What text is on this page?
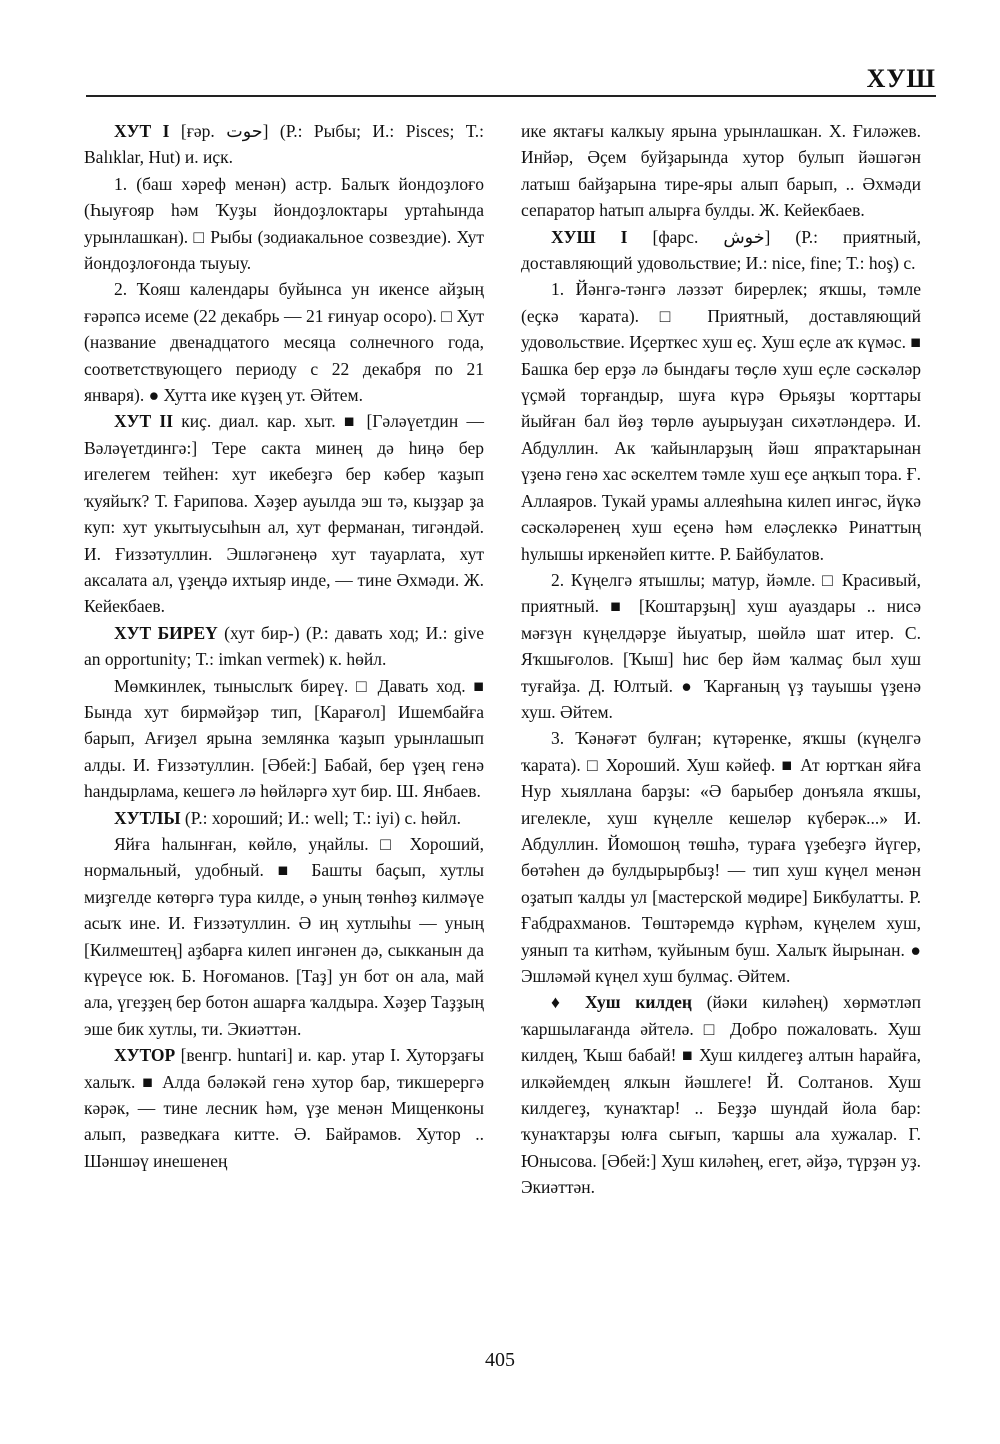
ХУШ

ХУТ I [ғәр. حوت] (Р.: Рыбы; И.: Pisces; Т.: Balıklar, Hut) и. иҫк.

1. (баш хәреф менән) астр. Балыҡ йондоҙлоғо (Һыуғояр һәм Ҡуҙы йондоҙлоктары уртаһында урынлашкан). □ Рыбы (зодиакальное созвездие). Хут йондоҙлоғонда тыуыу.

2. Ҡояш календары буйынса ун икенсе айҙың ғәрәпсә исеме (22 декабрь — 21 ғинуар осоро). □ Хут (название двенадцатого месяца солнечного года, соответствующего периоду с 22 декабря по 21 января). ● Хутта ике күҙең ут. Әйтем.

ХУТ II киҫ. диал. кар. хыт. ■ [Гәләүетдин — Вәләүетдингә:] Тере сакта минең дә һиңә бер игелегем тейһен: хут икебеҙгә бер кәбер ҡаҙып ҡуяйыҡ? Т. Ғарипова. Хәҙер ауылда эш тә, кыҙҙар ҙа куп: хут укытыусыһын ал, хут ферманан, тигәндәй. И. Ғиззәтуллин. Эшләгәнеңә хут тауарлата, хут аксалата ал, үҙеңдә ихтыяр инде, — тине Әхмәди. Ж. Кейекбаев.

ХУТ БИРЕҮ (хут бир-) (Р.: давать ход; И.: give an opportunity; Т.: imkan vermek) к. һөйл.

Мөмкинлек, тыныслыҡ биреү. □ Давать ход. ■ Бында хут бирмәйҙәр тип, [Карағол] Ишембайға барып, Ағиҙел ярына землянка ҡаҙып урынлашып алды. И. Ғиззәтуллин. [Әбей:] Бабай, бер үҙең генә һандырлама, кешегә лә һөйләргә хут бир. Ш. Янбаев.

ХУТЛЫ (Р.: хороший; И.: well; Т.: iyi) с. һөйл.

Яйға һалынған, көйлө, уңайлы. □ Хороший, нормальный, удобный. ■ Башты баҫып, хутлы миҙгелде көтөргә тура килде, ә уның төнһөҙ килмәүе асыҡ ине. И. Ғиззәтуллин. Ә иң хутлыһы — уның [Килмештең] аҙбарға килеп ингәнен дә, сыкканын да күреүсе юк. Б. Ноғоманов. [Таҙ] ун бот он ала, май ала, үгеҙҙең бер ботон ашарға ҡалдыра. Хәҙер Таҙҙың эше бик хутлы, ти. Экиәттән.

ХУТОР [венгр. huntari] и. кар. утар I. Хуторҙағы халыҡ. ■ Алда бәләкәй генә хутор бар, тикшерергә кәрәк, — тине лесник һәм, үҙе менән Мищенконы алып, разведкаға китте. Ә. Байрамов. Хутор .. Шәншәү инешенең

ике яктағы калкыу ярына урынлашкан. Х. Ғиләжев. Инйәр, Әҫем буйҙарында хутор булып йәшәгән латыш байҙарына тире-яры алып барып, .. Әхмәди сепаратор һатып алырға булды. Ж. Кейекбаев.

ХУШ I [фарс. خوش] (Р.: приятный, доставляющий удовольствие; И.: nice, fine; Т.: hoş) с.

1. Йәнгә-тәнгә ләззәт бирерлек; яҡшы, тәмле (еҫкә ҡарата). □ Приятный, доставляющий удовольствие. Иҫерткес хуш еҫ. Хуш еҫле аҡ күмәс. ■ Башка бер ерҙә лә бындағы төҫлө хуш еҫле сәскәләр үҫмәй торғандыр, шуға күрә Өрьяҙы ҡорттары йыйған бал йөҙ төрлө ауырыуҙан сихәтләндерә. И. Абдуллин. Ак ҡайынларҙың йәш япраҡтарынан үҙенә генә хас әскелтем тәмле хуш еҫе аңҡып тора. Ғ. Аллаяров. Тукай урамы аллеяһына килеп ингәс, йүкә сәскәләренең хуш еҫенә һәм еләҫлеккә Ринаттың һулышы иркенәйеп китте. Р. Байбулатов.

2. Күңелгә ятышлы; матур, йәмле. □ Красивый, приятный. ■ [Коштарҙың] хуш ауаздары .. нисә мәғзүн күңелдәрҙе йыуатыр, шөйлә шат итер. С. Яҡшығолов. [Ҡыш] һис бер йәм ҡалмаҫ был хуш туғайҙа. Д. Юлтый. ● Ҡарғаның үҙ тауышы үҙенә хуш. Әйтем.

3. Ҡәнәғәт булған; күтәренке, яҡшы (күңелгә ҡарата). □ Хороший. Хуш кәйеф. ■ Ат юртҡан яйға Нур хыяллана барҙы: «Ә барыбер донъяла яҡшы, игелекле, хуш күңелле кешеләр күберәк...» И. Абдуллин. Йомошоң төшһә, тураға үҙебеҙгә йүгер, бөтәһен дә булдырырбыҙ! — тип хуш күңел менән оҙатып ҡалды ул [мастерской мөдире] Бикбулатты. Р. Ғабдрахманов. Төштәремдә күрһәм, күңелем хуш, уянып та китһәм, ҡуйыным буш. Халыҡ йырынан. ● Эшләмәй күңел хуш булмаҫ. Әйтем.

♦ Хуш килдең (йәки киләһең) хөрмәтләп ҡаршылағанда әйтелә. □ Добро пожаловать. Хуш килдең, Ҡыш бабай! ■ Хуш килдегеҙ алтын һарайға, илкәйемдең ялкын йәшлеге! Й. Солтанов. Хуш килдегеҙ, ҡунаҡтар! .. Беҙҙә шундай йола бар: ҡунаҡтарҙы юлға сығып, ҡаршы ала хужалар. Г. Юнысова. [Әбей:] Хуш киләһең, егет, әйҙә, түрҙән уҙ. Экиәттән.

405
